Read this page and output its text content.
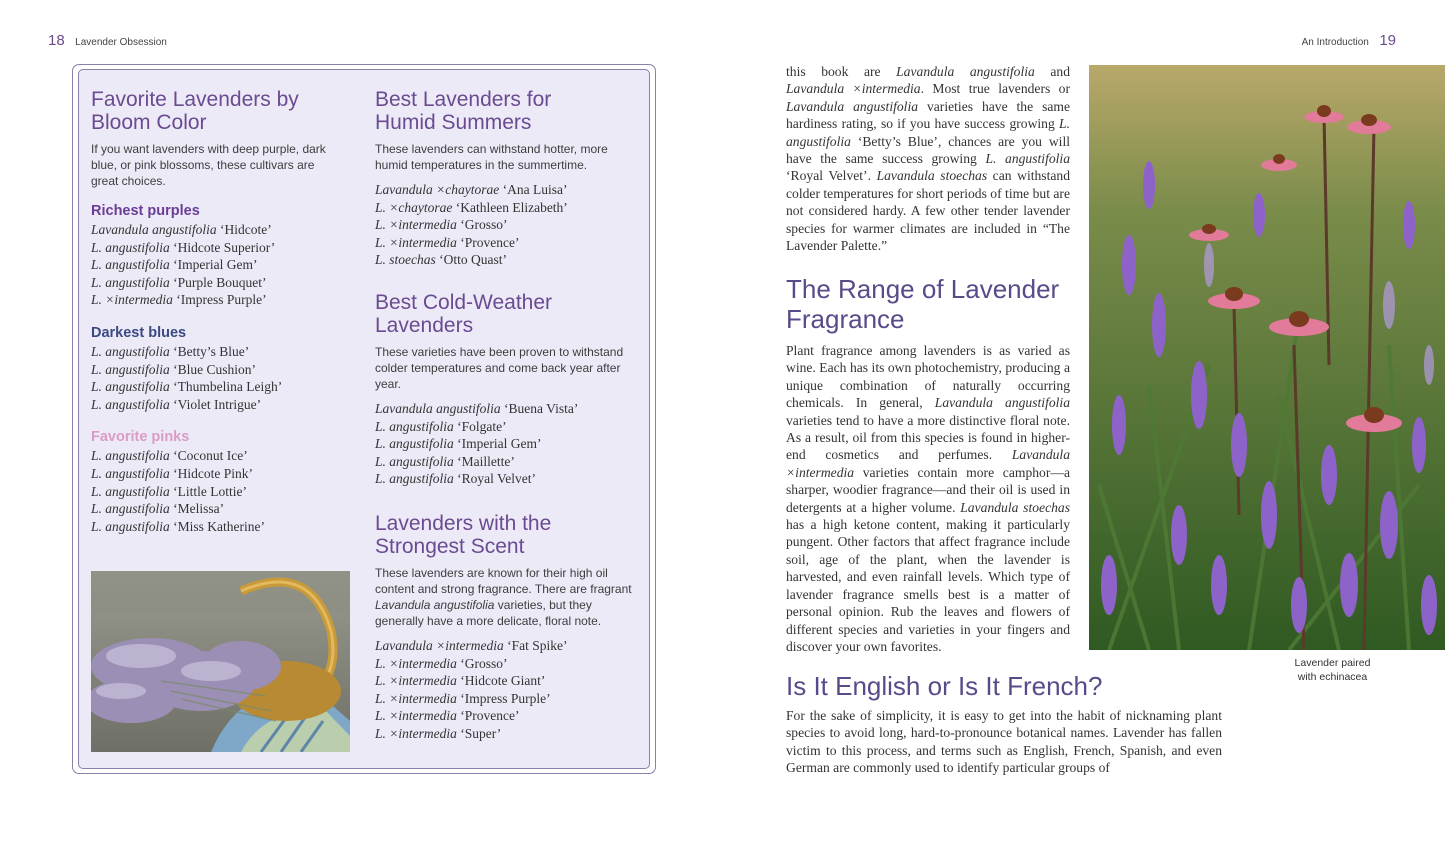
18 Lavender Obsession	An Introduction 19
Favorite Lavenders by
Bloom Color

If you want lavenders with deep purple, dark blue, or pink blossoms, these cultivars are great choices.

Richest purples
Lavandula angustifolia ‘Hidcote’
L. angustifolia ‘Hidcote Superior’
L. angustifolia ‘Imperial Gem’
L. angustifolia ‘Purple Bouquet’
L. ×intermedia ‘Impress Purple’
Darkest blues
L. angustifolia ‘Betty’s Blue’
L. angustifolia ‘Blue Cushion’
L. angustifolia ‘Thumbelina Leigh’
L. angustifolia ‘Violet Intrigue’
Favorite pinks
L. angustifolia ‘Coconut Ice’
L. angustifolia ‘Hidcote Pink’
L. angustifolia ‘Little Lottie’
L. angustifolia ‘Melissa’
L. angustifolia ‘Miss Katherine’
Best Lavenders for
Humid Summers

These lavenders can withstand hotter, more humid temperatures in the summertime.

Lavandula ×chaytorae ‘Ana Luisa’
L. ×chaytorae ‘Kathleen Elizabeth’
L. ×intermedia ‘Grosso’
L. ×intermedia ‘Provence’
L. stoechas ‘Otto Quast’
Best Cold-Weather
Lavenders

These varieties have been proven to withstand colder temperatures and come back year after year.

Lavandula angustifolia ‘Buena Vista’
L. angustifolia ‘Folgate’
L. angustifolia ‘Imperial Gem’
L. angustifolia ‘Maillette’
L. angustifolia ‘Royal Velvet’
Lavenders with the
Strongest Scent

These lavenders are known for their high oil content and strong fragrance. There are fragrant Lavandula angustifolia varieties, but they generally have a more delicate, floral note.

Lavandula ×intermedia ‘Fat Spike’
L. ×intermedia ‘Grosso’
L. ×intermedia ‘Hidcote Giant’
L. ×intermedia ‘Impress Purple’
L. ×intermedia ‘Provence’
L. ×intermedia ‘Super’
this book are Lavandula angustifolia and Lavandula ×intermedia. Most true lavenders or Lavandula angustifolia varieties have the same hardiness rating, so if you have success growing L. angustifolia ‘Betty’s Blue’, chances are you will have the same success growing L. angustifolia ‘Royal Velvet’. Lavandula stoechas can withstand colder temperatures for short periods of time but are not considered hardy. A few other tender lavender species for warmer climates are included in “The Lavender Palette.”
The Range of Lavender
Fragrance
Plant fragrance among lavenders is as varied as wine. Each has its own photochemistry, producing a unique combination of naturally occurring chemicals. In general, Lavandula angustifolia varieties tend to have a more distinctive floral note. As a result, oil from this species is found in higher-end cosmetics and perfumes. Lavandula ×intermedia varieties contain more camphor—a sharper, woodier fragrance—and their oil is used in detergents at a higher volume. Lavandula stoechas has a high ketone content, making it particularly pungent. Other factors that affect fragrance include soil, age of the plant, when the lavender is harvested, and even rainfall levels. Which type of lavender fragrance smells best is a matter of personal opinion. Rub the leaves and flowers of different species and varieties in your fingers and discover your own favorites.
Is It English or Is It French?
For the sake of simplicity, it is easy to get into the habit of nicknaming plant species to avoid long, hard-to-pronounce botanical names. Lavender has fallen victim to this process, and terms such as English, French, Spanish, and even German are commonly used to identify particular groups of
Lavender paired
with echinacea
